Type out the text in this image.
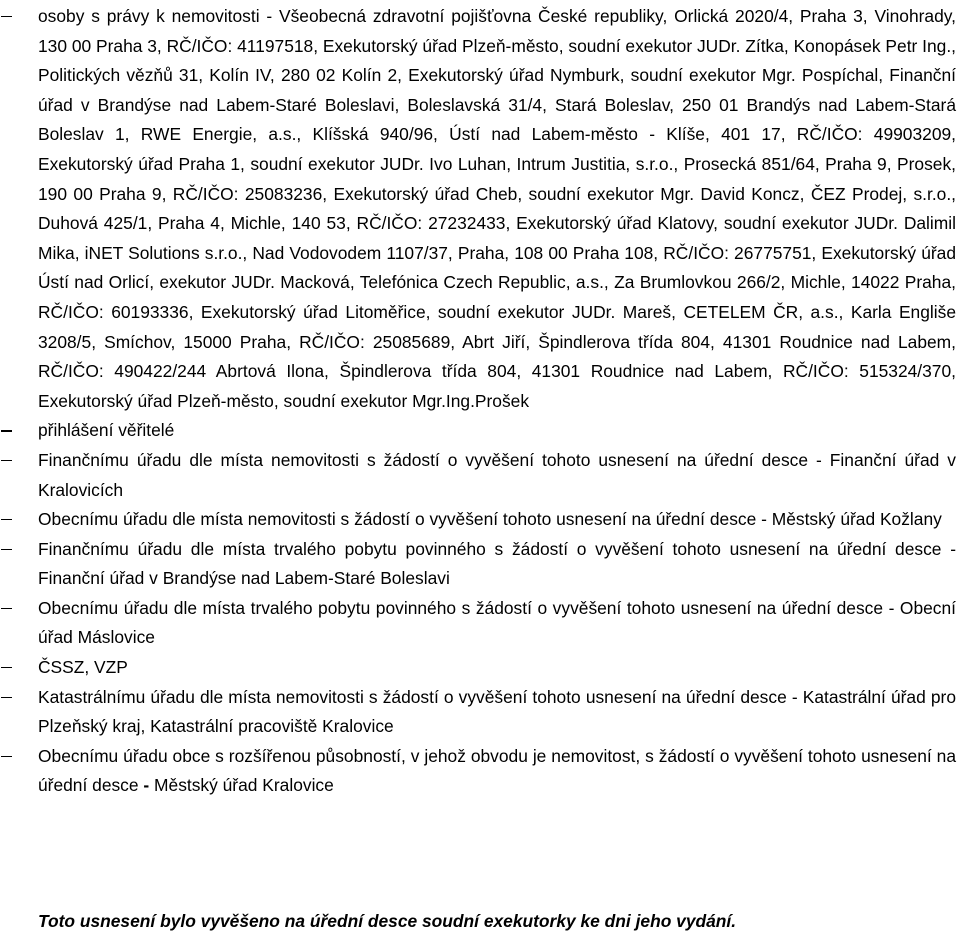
osoby s právy k nemovitosti - Všeobecná zdravotní pojišťovna České republiky, Orlická 2020/4, Praha 3, Vinohrady, 130 00 Praha 3, RČ/IČO: 41197518, Exekutorský úřad Plzeň-město, soudní exekutor JUDr. Zítka, Konopásek Petr Ing., Politických vězňů 31, Kolín IV, 280 02 Kolín 2, Exekutorský úřad Nymburk, soudní exekutor Mgr. Pospíchal, Finanční úřad v Brandýse nad Labem-Staré Boleslavi, Boleslavská 31/4, Stará Boleslav, 250 01 Brandýs nad Labem-Stará Boleslav 1, RWE Energie, a.s., Klíšská 940/96, Ústí nad Labem-město - Klíše, 401 17, RČ/IČO: 49903209, Exekutorský úřad Praha 1, soudní exekutor JUDr. Ivo Luhan, Intrum Justitia, s.r.o., Prosecká 851/64, Praha 9, Prosek, 190 00 Praha 9, RČ/IČO: 25083236, Exekutorský úřad Cheb, soudní exekutor Mgr. David Koncz, ČEZ Prodej, s.r.o., Duhová 425/1, Praha 4, Michle, 140 53, RČ/IČO: 27232433, Exekutorský úřad Klatovy, soudní exekutor JUDr. Dalimil Mika, iNET Solutions s.r.o., Nad Vodovodem 1107/37, Praha, 108 00 Praha 108, RČ/IČO: 26775751, Exekutorský úřad Ústí nad Orlicí, exekutor JUDr. Macková, Telefónica Czech Republic, a.s., Za Brumlovkou 266/2, Michle, 14022 Praha, RČ/IČO: 60193336, Exekutorský úřad Litoměřice, soudní exekutor JUDr. Mareš, CETELEM ČR, a.s., Karla Engliše 3208/5, Smíchov, 15000 Praha, RČ/IČO: 25085689, Abrt Jiří, Špindlerova třída 804, 41301 Roudnice nad Labem, RČ/IČO: 490422/244 Abrtová Ilona, Špindlerova třída 804, 41301 Roudnice nad Labem, RČ/IČO: 515324/370, Exekutorský úřad Plzeň-město, soudní exekutor Mgr.Ing.Prošek
přihlášení věřitelé
Finančnímu úřadu dle místa nemovitosti s žádostí o vyvěšení tohoto usnesení na úřední desce - Finanční úřad v Kralovicích
Obecnímu úřadu dle místa nemovitosti s žádostí o vyvěšení tohoto usnesení na úřední desce - Městský úřad Kožlany
Finančnímu úřadu dle místa trvalého pobytu povinného s žádostí o vyvěšení tohoto usnesení na úřední desce - Finanční úřad v Brandýse nad Labem-Staré Boleslavi
Obecnímu úřadu dle místa trvalého pobytu povinného s žádostí o vyvěšení tohoto usnesení na úřední desce - Obecní úřad Máslovice
ČSSZ, VZP
Katastrálnímu úřadu dle místa nemovitosti s žádostí o vyvěšení tohoto usnesení na úřední desce - Katastrální úřad pro Plzeňský kraj, Katastrální pracoviště Kralovice
Obecnímu úřadu obce s rozšířenou působností, v jehož obvodu je nemovitost, s žádostí o vyvěšení tohoto usnesení na úřední desce - Městský úřad Kralovice
Toto usnesení bylo vyvěšeno na úřední desce soudní exekutorky ke dni jeho vydání.
